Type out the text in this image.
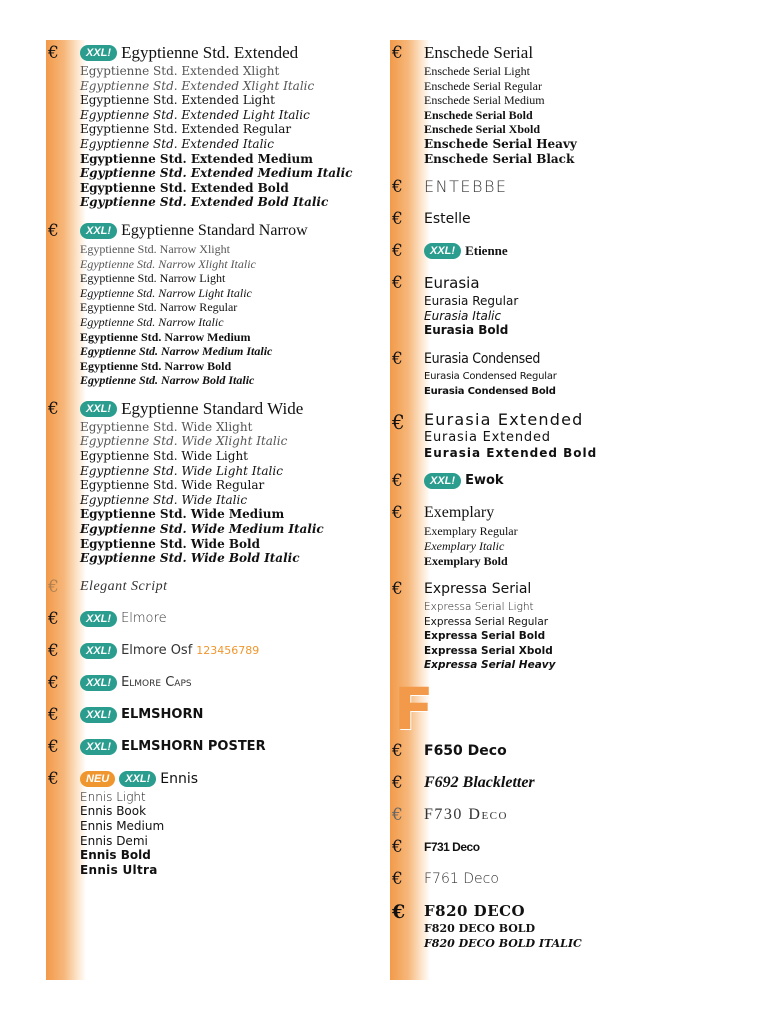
€	XXL! Egyptienne Std. Extended
Egyptienne Std. Extended Xlight
Egyptienne Std. Extended Xlight Italic
Egyptienne Std. Extended Light
Egyptienne Std. Extended Light Italic
Egyptienne Std. Extended Regular
Egyptienne Std. Extended Italic
Egyptienne Std. Extended Medium
Egyptienne Std. Extended Medium Italic
Egyptienne Std. Extended Bold
Egyptienne Std. Extended Bold Italic
€	XXL! Egyptienne Standard Narrow
Egyptienne Std. Narrow Xlight
Egyptienne Std. Narrow Xlight Italic
Egyptienne Std. Narrow Light
Egyptienne Std. Narrow Light Italic
Egyptienne Std. Narrow Regular
Egyptienne Std. Narrow Italic
Egyptienne Std. Narrow Medium
Egyptienne Std. Narrow Medium Italic
Egyptienne Std. Narrow Bold
Egyptienne Std. Narrow Bold Italic
€	XXL! Egyptienne Standard Wide
Egyptienne Std. Wide Xlight
Egyptienne Std. Wide Xlight Italic
Egyptienne Std. Wide Light
Egyptienne Std. Wide Light Italic
Egyptienne Std. Wide Regular
Egyptienne Std. Wide Italic
Egyptienne Std. Wide Medium
Egyptienne Std. Wide Medium Italic
Egyptienne Std. Wide Bold
Egyptienne Std. Wide Bold Italic
€ Elegant Script
€	XXL! Elmore
€	XXL! Elmore Osf 123456789
€	XXL! Elmore Caps
€	XXL! ELMSHORN
€	XXL! ELMSHORN POSTER
€	NEU	XXL! Ennis
Ennis Light
Ennis Book
Ennis Medium
Ennis Demi
Ennis Bold
Ennis Ultra
€ Enschede Serial
Enschede Serial Light
Enschede Serial Regular
Enschede Serial Medium
Enschede Serial Bold
Enschede Serial Xbold
Enschede Serial Heavy
Enschede Serial Black
€ ENTEBBE
€ Estelle
€	XXL! Etienne
€ Eurasia
Eurasia Regular
Eurasia Italic
Eurasia Bold
€ Eurasia Condensed
Eurasia Condensed Regular
Eurasia Condensed Bold
€ Eurasia Extended
Eurasia Extended
Eurasia Extended Bold
€	XXL! Ewok
€ Exemplary
Exemplary Regular
Exemplary Italic
Exemplary Bold
€ Expressa Serial
Expressa Serial Light
Expressa Serial Regular
Expressa Serial Bold
Expressa Serial Xbold
Expressa Serial Heavy
F
€ F650 Deco
€ F692 Blackletter
€ F730 Deco
€ F731 Deco
€ F761 Deco
€ F820 DECO
F820 DECO BOLD
F820 DECO BOLD ITALIC
